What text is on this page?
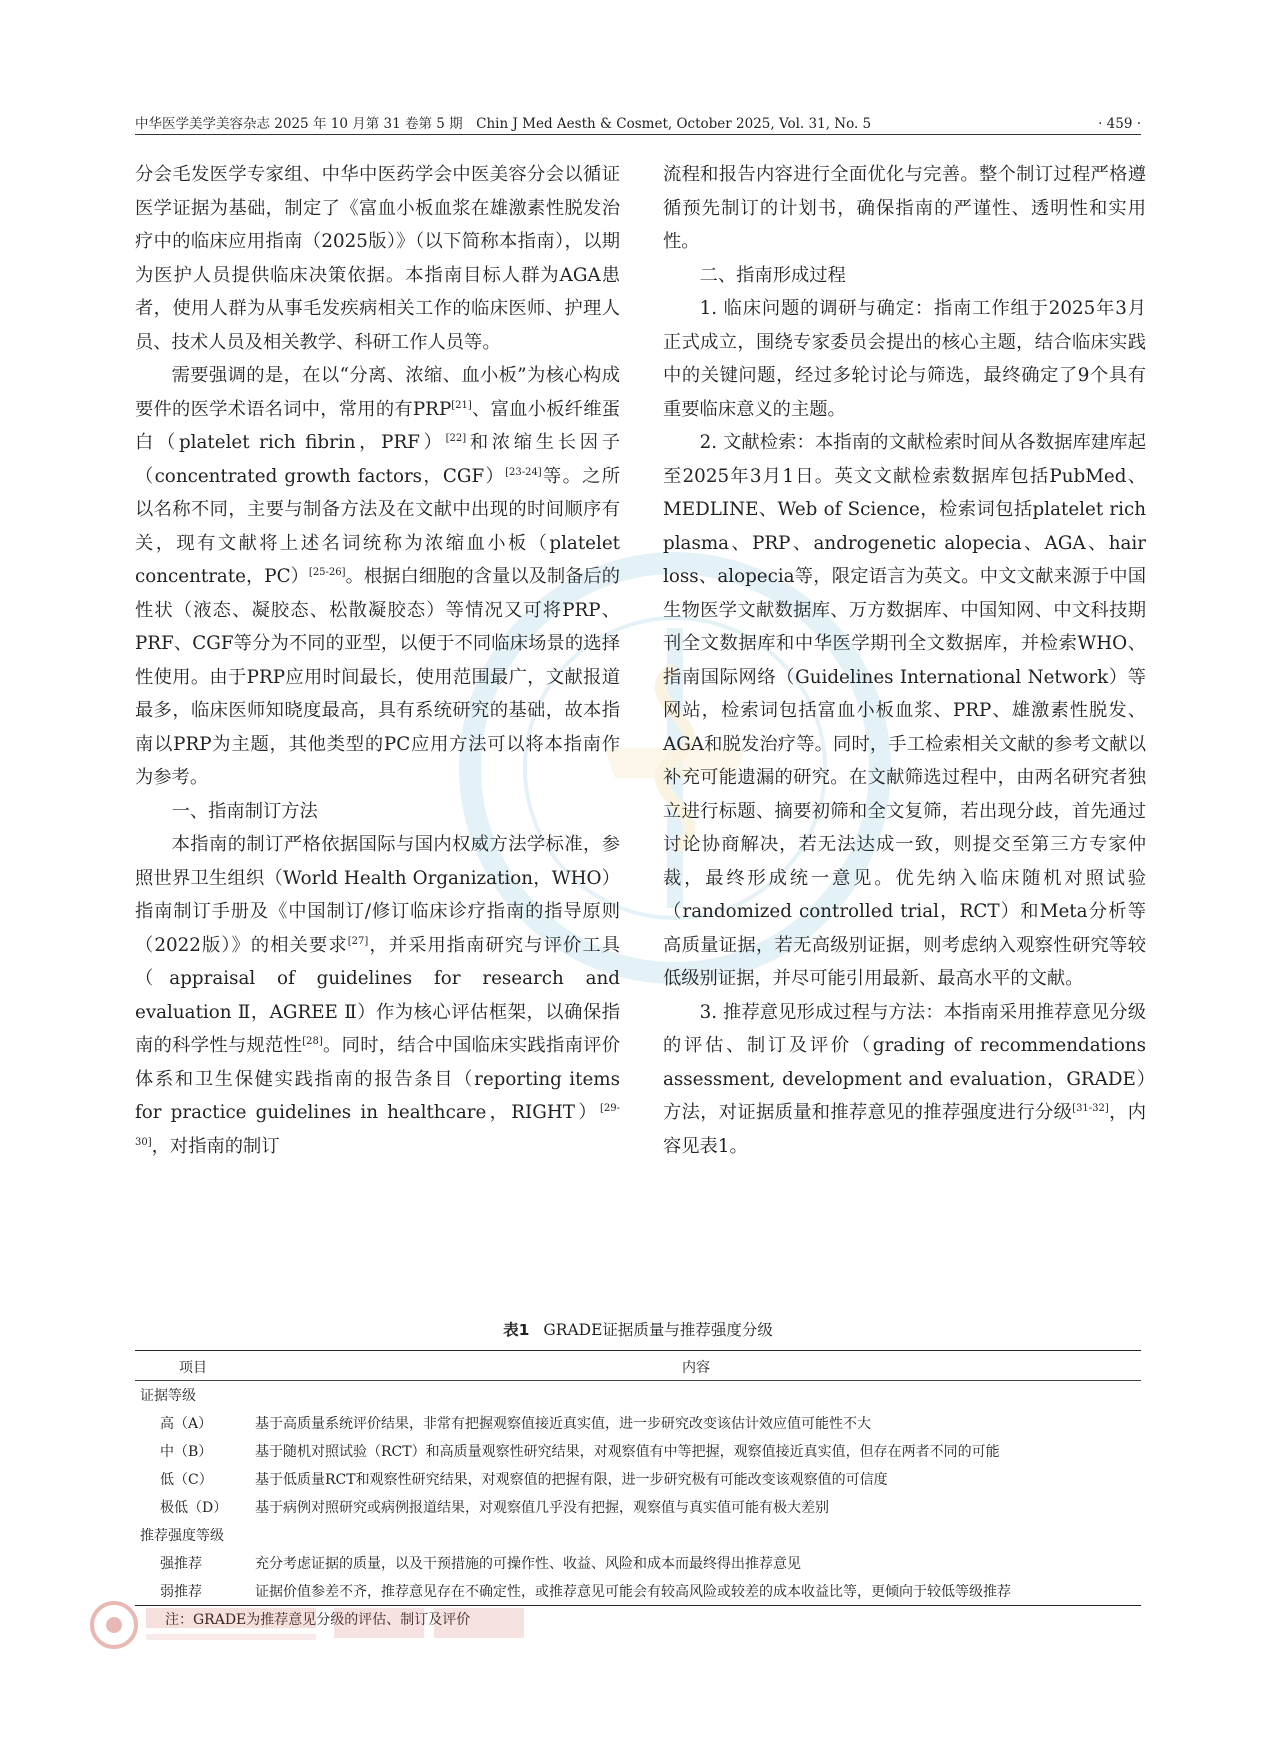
中华医学美学美容杂志 2025 年 10 月第 31 卷第 5 期　Chin J Med Aesth & Cosmet, October 2025, Vol. 31, No. 5	· 459 ·

分会毛发医学专家组、中华中医药学会中医美容分会以循证医学证据为基础，制定了《富血小板血浆在雄激素性脱发治疗中的临床应用指南（2025版）》（以下简称本指南），以期为医护人员提供临床决策依据。本指南目标人群为AGA患者，使用人群为从事毛发疾病相关工作的临床医师、护理人员、技术人员及相关教学、科研工作人员等。

需要强调的是，在以“分离、浓缩、血小板”为核心构成要件的医学术语名词中，常用的有PRP[21]、富血小板纤维蛋白（platelet rich fibrin，PRF）[22]和浓缩生长因子（concentrated growth factors，CGF）[23-24]等。之所以名称不同，主要与制备方法及在文献中出现的时间顺序有关，现有文献将上述名词统称为浓缩血小板（platelet concentrate，PC）[25-26]。根据白细胞的含量以及制备后的性状（液态、凝胶态、松散凝胶态）等情况又可将PRP、PRF、CGF等分为不同的亚型，以便于不同临床场景的选择性使用。由于PRP应用时间最长，使用范围最广，文献报道最多，临床医师知晓度最高，具有系统研究的基础，故本指南以PRP为主题，其他类型的PC应用方法可以将本指南作为参考。

一、指南制订方法

本指南的制订严格依据国际与国内权威方法学标准，参照世界卫生组织（World Health Organization，WHO）指南制订手册及《中国制订/修订临床诊疗指南的指导原则（2022版）》的相关要求[27]，并采用指南研究与评价工具（appraisal of guidelines for research and evaluation Ⅱ，AGREE Ⅱ）作为核心评估框架，以确保指南的科学性与规范性[28]。同时，结合中国临床实践指南评价体系和卫生保健实践指南的报告条目（reporting items for practice guidelines in healthcare，RIGHT）[29-30]，对指南的制订

流程和报告内容进行全面优化与完善。整个制订过程严格遵循预先制订的计划书，确保指南的严谨性、透明性和实用性。

二、指南形成过程

1. 临床问题的调研与确定：指南工作组于2025年3月正式成立，围绕专家委员会提出的核心主题，结合临床实践中的关键问题，经过多轮讨论与筛选，最终确定了9个具有重要临床意义的主题。

2. 文献检索：本指南的文献检索时间从各数据库建库起至2025年3月1日。英文文献检索数据库包括PubMed、MEDLINE、Web of Science，检索词包括platelet rich plasma、PRP、androgenetic alopecia、AGA、hair loss、alopecia等，限定语言为英文。中文文献来源于中国生物医学文献数据库、万方数据库、中国知网、中文科技期刊全文数据库和中华医学期刊全文数据库，并检索WHO、指南国际网络（Guidelines International Network）等网站，检索词包括富血小板血浆、PRP、雄激素性脱发、AGA和脱发治疗等。同时，手工检索相关文献的参考文献以补充可能遗漏的研究。在文献筛选过程中，由两名研究者独立进行标题、摘要初筛和全文复筛，若出现分歧，首先通过讨论协商解决，若无法达成一致，则提交至第三方专家仲裁，最终形成统一意见。优先纳入临床随机对照试验（randomized controlled trial，RCT）和Meta分析等高质量证据，若无高级别证据，则考虑纳入观察性研究等较低级别证据，并尽可能引用最新、最高水平的文献。

3. 推荐意见形成过程与方法：本指南采用推荐意见分级的评估、制订及评价（grading of recommendations assessment, development and evaluation，GRADE）方法，对证据质量和推荐意见的推荐强度进行分级[31-32]，内容见表1。

表1 GRADE证据质量与推荐强度分级
项目	内容
证据等级	
高（A）	基于高质量系统评价结果，非常有把握观察值接近真实值，进一步研究改变该估计效应值可能性不大
中（B）	基于随机对照试验（RCT）和高质量观察性研究结果，对观察值有中等把握，观察值接近真实值，但存在两者不同的可能
低（C）	基于低质量RCT和观察性研究结果，对观察值的把握有限，进一步研究极有可能改变该观察值的可信度
极低（D）	基于病例对照研究或病例报道结果，对观察值几乎没有把握，观察值与真实值可能有极大差别
推荐强度等级	
强推荐	充分考虑证据的质量，以及干预措施的可操作性、收益、风险和成本而最终得出推荐意见
弱推荐	证据价值参差不齐，推荐意见存在不确定性，或推荐意见可能会有较高风险或较差的成本收益比等，更倾向于较低等级推荐
注：GRADE为推荐意见分级的评估、制订及评价
